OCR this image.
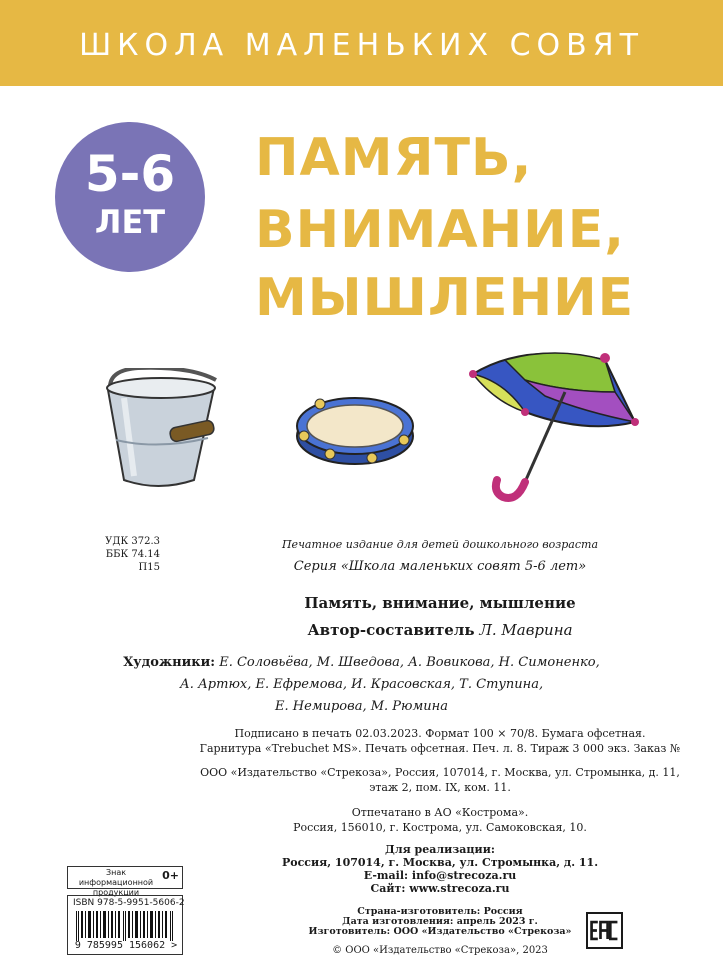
ШКОЛА МАЛЕНЬКИХ СОВЯТ
5-6
ЛЕТ
ПАМЯТЬ,
ВНИМАНИЕ,
МЫШЛЕНИЕ
УДК 372.3
ББК 74.14
П15
Печатное издание для детей дошкольного возраста
Серия «Школа маленьких совят 5-6 лет»
Память, внимание, мышление
Автор-составитель Л. Маврина
Художники: Е. Соловьёва, М. Шведова, А. Вовикова, Н. Симоненко,
А. Артюх, Е. Ефремова, И. Красовская, Т. Ступина,
Е. Немирова, М. Рюмина
Подписано в печать 02.03.2023. Формат 100 × 70/8. Бумага офсетная.
Гарнитура «Trebuchet MS». Печать офсетная. Печ. л. 8. Тираж 3 000 экз. Заказ №
ООО «Издательство «Стрекоза», Россия, 107014, г. Москва, ул. Стромынка, д. 11,
этаж 2, пом. IX, ком. 11.
Отпечатано в АО «Кострома».
Россия, 156010, г. Кострома, ул. Самоковская, 10.
Для реализации:
Россия, 107014, г. Москва, ул. Стромынка, д. 11.
E-mail: info@strecoza.ru
Сайт: www.strecoza.ru
Страна-изготовитель: Россия
Дата изготовления: апрель 2023 г.
Изготовитель: ООО «Издательство «Стрекоза»
© ООО «Издательство «Стрекоза», 2023
Знак информационной продукции
0+
ISBN 978-5-9951-5606-2
9 785995 156062 >
